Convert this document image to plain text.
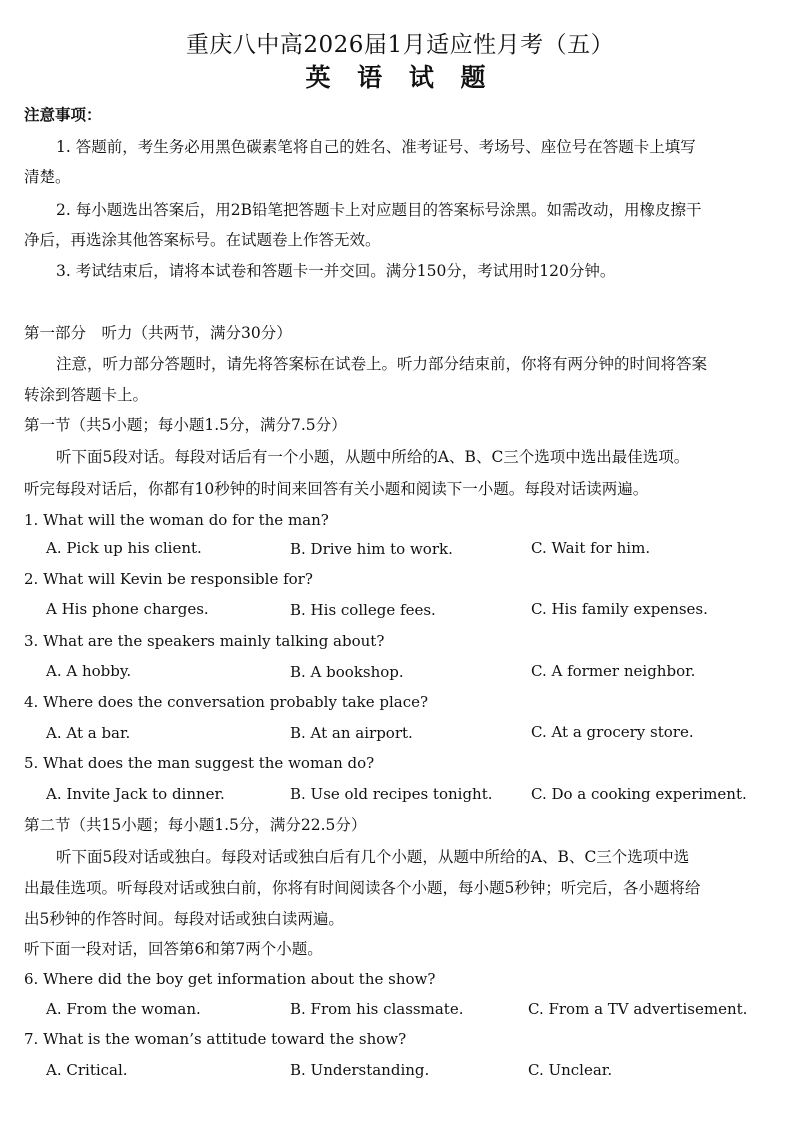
重庆八中高2026届1月适应性月考（五）
英 语 试 题
注意事项：
1. 答题前，考生务必用黑色碳素笔将自己的姓名、准考证号、考场号、座位号在答题卡上填写
清楚。
2. 每小题选出答案后，用2B铅笔把答题卡上对应题目的答案标号涂黑。如需改动，用橡皮擦干
净后，再选涂其他答案标号。在试题卷上作答无效。
3. 考试结束后，请将本试卷和答题卡一并交回。满分150分，考试用时120分钟。
第一部分　听力（共两节，满分30分）
注意，听力部分答题时，请先将答案标在试卷上。听力部分结束前，你将有两分钟的时间将答案
转涂到答题卡上。
第一节（共5小题；每小题1.5分，满分7.5分）
听下面5段对话。每段对话后有一个小题，从题中所给的A、B、C三个选项中选出最佳选项。
听完每段对话后，你都有10秒钟的时间来回答有关小题和阅读下一小题。每段对话读两遍。
1. What will the woman do for the man?
A. Pick up his client.	B. Drive him to work.	C. Wait for him.
2. What will Kevin be responsible for?
A His phone charges.	B. His college fees.	C. His family expenses.
3. What are the speakers mainly talking about?
A. A hobby.	B. A bookshop.	C. A former neighbor.
4. Where does the conversation probably take place?
A. At a bar.	B. At an airport.	C. At a grocery store.
5. What does the man suggest the woman do?
A. Invite Jack to dinner.	B. Use old recipes tonight.	C. Do a cooking experiment.
第二节（共15小题；每小题1.5分，满分22.5分）
听下面5段对话或独白。每段对话或独白后有几个小题，从题中所给的A、B、C三个选项中选
出最佳选项。听每段对话或独白前，你将有时间阅读各个小题，每小题5秒钟；听完后，各小题将给
出5秒钟的作答时间。每段对话或独白读两遍。
听下面一段对话，回答第6和第7两个小题。
6. Where did the boy get information about the show?
A. From the woman.	B. From his classmate.	C. From a TV advertisement.
7. What is the woman’s attitude toward the show?
A. Critical.	B. Understanding.	C. Unclear.
